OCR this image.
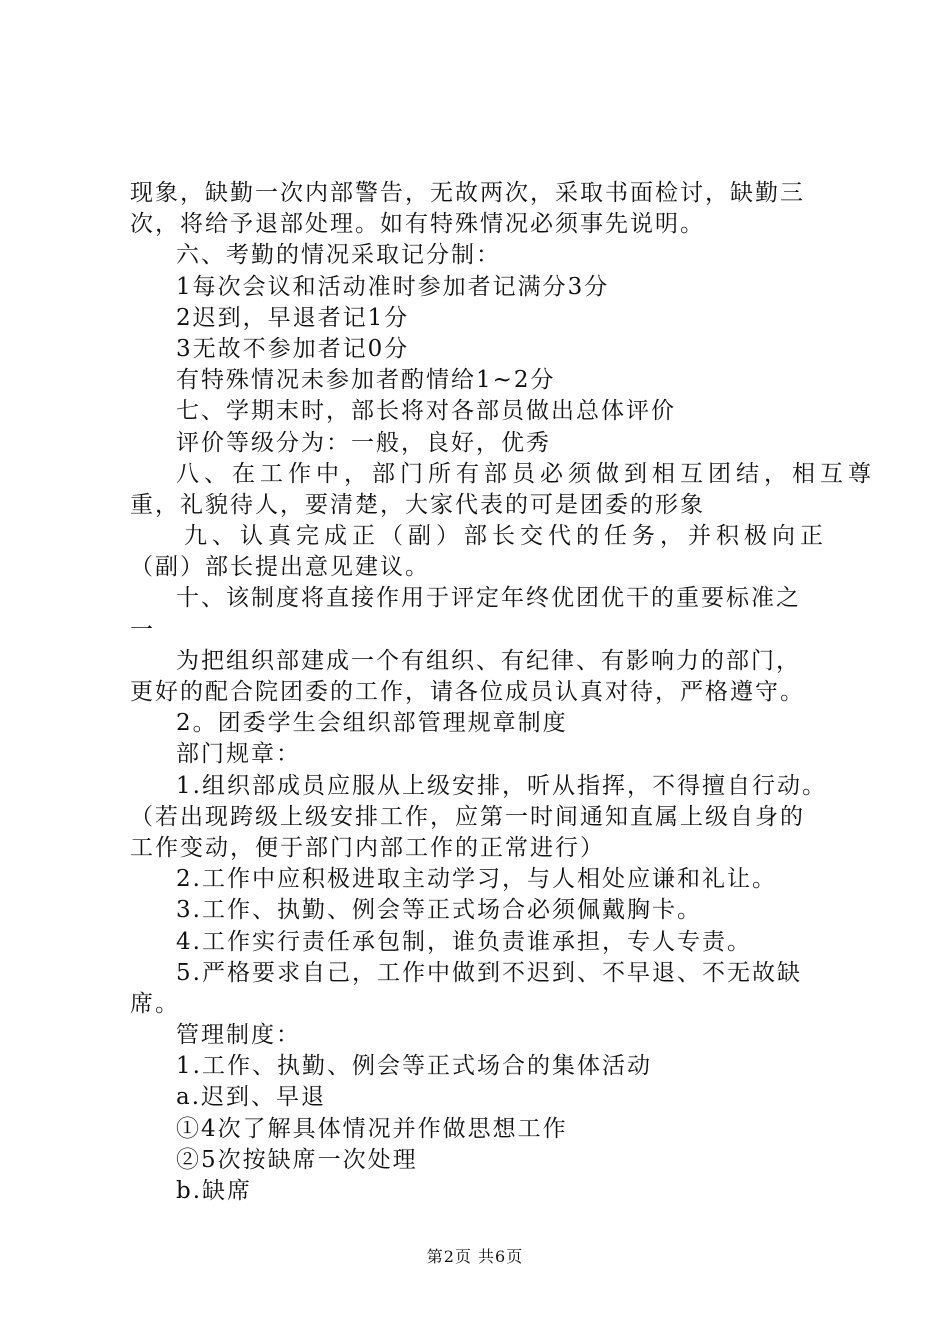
现象，缺勤一次内部警告，无故两次，采取书面检讨，缺勤三
次，将给予退部处理。如有特殊情况必须事先说明。
六、考勤的情况采取记分制：
1每次会议和活动准时参加者记满分3分
2迟到，早退者记1分
3无故不参加者记0分
有特殊情况未参加者酌情给1~2分
七、学期末时，部长将对各部员做出总体评价
评价等级分为：一般，良好，优秀
八、在工作中，部门所有部员必须做到相互团结，相互尊
重，礼貌待人，要清楚，大家代表的可是团委的形象
九、认真完成正（副）部长交代的任务，并积极向正
（副）部长提出意见建议。
十、该制度将直接作用于评定年终优团优干的重要标准之
一
为把组织部建成一个有组织、有纪律、有影响力的部门，
更好的配合院团委的工作，请各位成员认真对待，严格遵守。
2。团委学生会组织部管理规章制度
部门规章：
1.组织部成员应服从上级安排，听从指挥，不得擅自行动。
（若出现跨级上级安排工作，应第一时间通知直属上级自身的
工作变动，便于部门内部工作的正常进行）
2.工作中应积极进取主动学习，与人相处应谦和礼让。
3.工作、执勤、例会等正式场合必须佩戴胸卡。
4.工作实行责任承包制，谁负责谁承担，专人专责。
5.严格要求自己，工作中做到不迟到、不早退、不无故缺
席。
管理制度：
1.工作、执勤、例会等正式场合的集体活动
a.迟到、早退
①4次了解具体情况并作做思想工作
②5次按缺席一次处理
b.缺席
第2页 共6页
